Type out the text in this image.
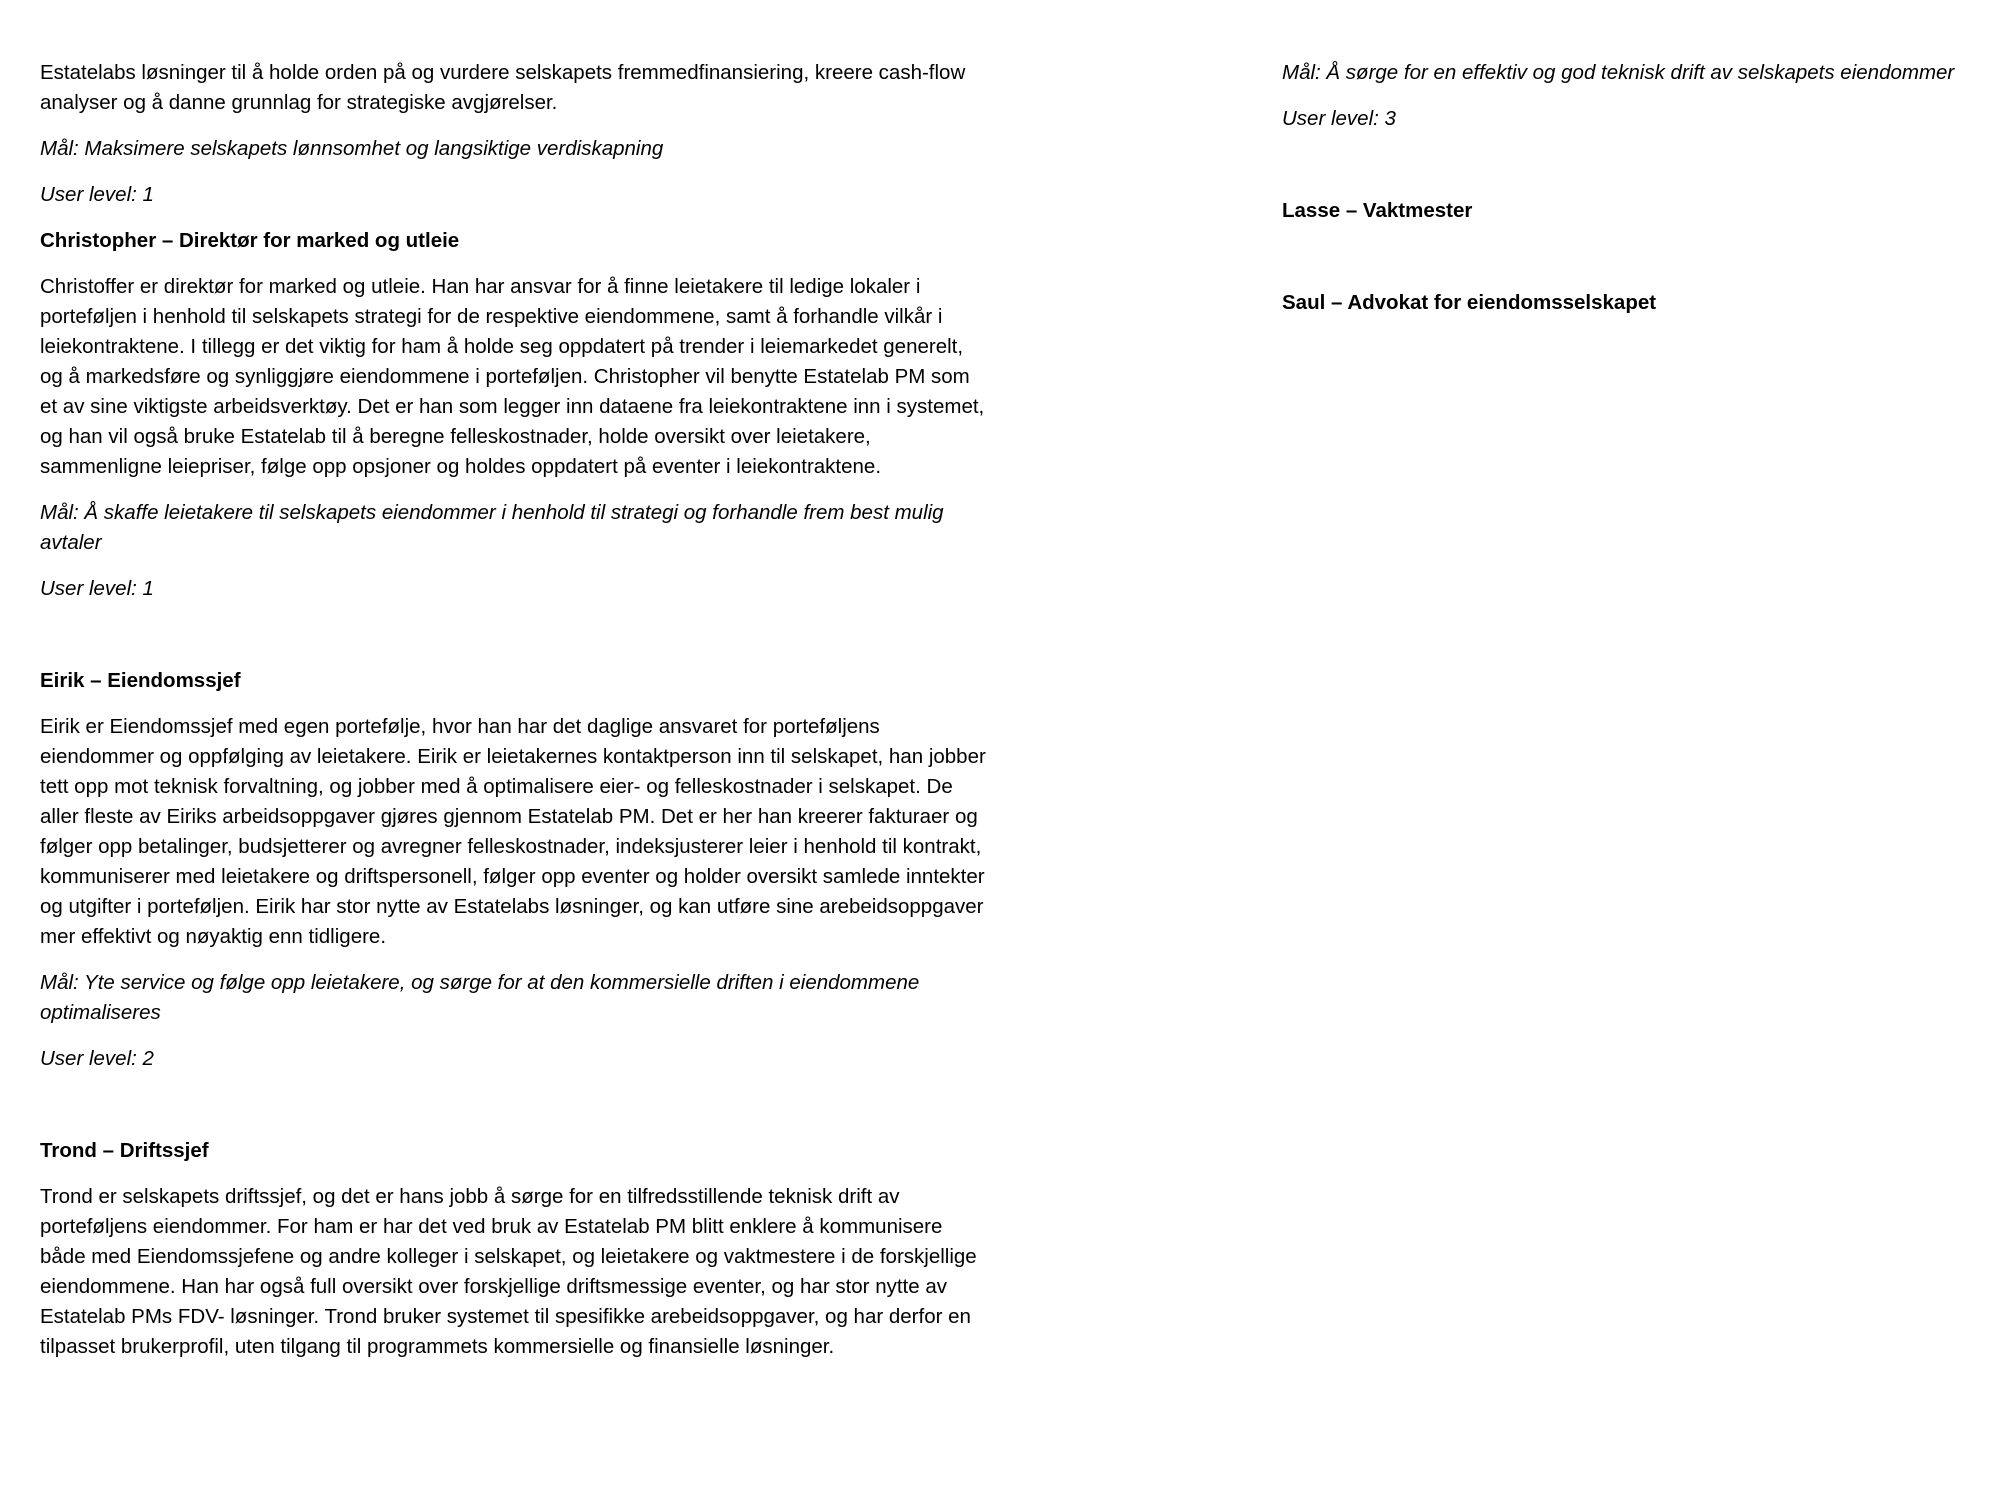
Estatelabs løsninger til å holde orden på og vurdere selskapets fremmedfinansiering, kreere cash-flow analyser og å danne grunnlag for strategiske avgjørelser.

Mål: Maksimere selskapets lønnsomhet og langsiktige verdiskapning

User level: 1

Christopher – Direktør for marked og utleie

Christoffer er direktør for marked og utleie. Han har ansvar for å finne leietakere til ledige lokaler i porteføljen i henhold til selskapets strategi for de respektive eiendommene, samt å forhandle vilkår i leiekontraktene. I tillegg er det viktig for ham å holde seg oppdatert på trender i leiemarkedet generelt, og å markedsføre og synliggjøre eiendommene i porteføljen. Christopher vil benytte Estatelab PM som et av sine viktigste arbeidsverktøy. Det er han som legger inn dataene fra leiekontraktene inn i systemet, og han vil også bruke Estatelab til å beregne felleskostnader, holde oversikt over leietakere, sammenligne leiepriser, følge opp opsjoner og holdes oppdatert på eventer i leiekontraktene.

Mål: Å skaffe leietakere til selskapets eiendommer i henhold til strategi og forhandle frem best mulig avtaler

User level: 1

Eirik – Eiendomssjef

Eirik er Eiendomssjef med egen portefølje, hvor han har det daglige ansvaret for porteføljens eiendommer og oppfølging av leietakere. Eirik er leietakernes kontaktperson inn til selskapet, han jobber tett opp mot teknisk forvaltning, og jobber med å optimalisere eier- og felleskostnader i selskapet. De aller fleste av Eiriks arbeidsoppgaver gjøres gjennom Estatelab PM. Det er her han kreerer fakturaer og følger opp betalinger, budsjetterer og avregner felleskostnader, indeksjusterer leier i henhold til kontrakt, kommuniserer med leietakere og driftspersonell, følger opp eventer og holder oversikt samlede inntekter og utgifter i porteføljen. Eirik har stor nytte av Estatelabs løsninger, og kan utføre sine arebeidsoppgaver mer effektivt og nøyaktig enn tidligere.

Mål: Yte service og følge opp leietakere, og sørge for at den kommersielle driften i eiendommene optimaliseres

User level: 2

Trond – Driftssjef

Trond er selskapets driftssjef, og det er hans jobb å sørge for en tilfredsstillende teknisk drift av porteføljens eiendommer. For ham er har det ved bruk av Estatelab PM blitt enklere å kommunisere både med Eiendomssjefene og andre kolleger i selskapet, og leietakere og vaktmestere i de forskjellige eiendommene. Han har også full oversikt over forskjellige driftsmessige eventer, og har stor nytte av Estatelab PMs FDV- løsninger. Trond bruker systemet til spesifikke arebeidsoppgaver, og har derfor en tilpasset brukerprofil, uten tilgang til programmets kommersielle og finansielle løsninger.

Mål: Å sørge for en effektiv og god teknisk drift av selskapets eiendommer

User level: 3

Lasse – Vaktmester

Saul – Advokat for eiendomsselskapet
